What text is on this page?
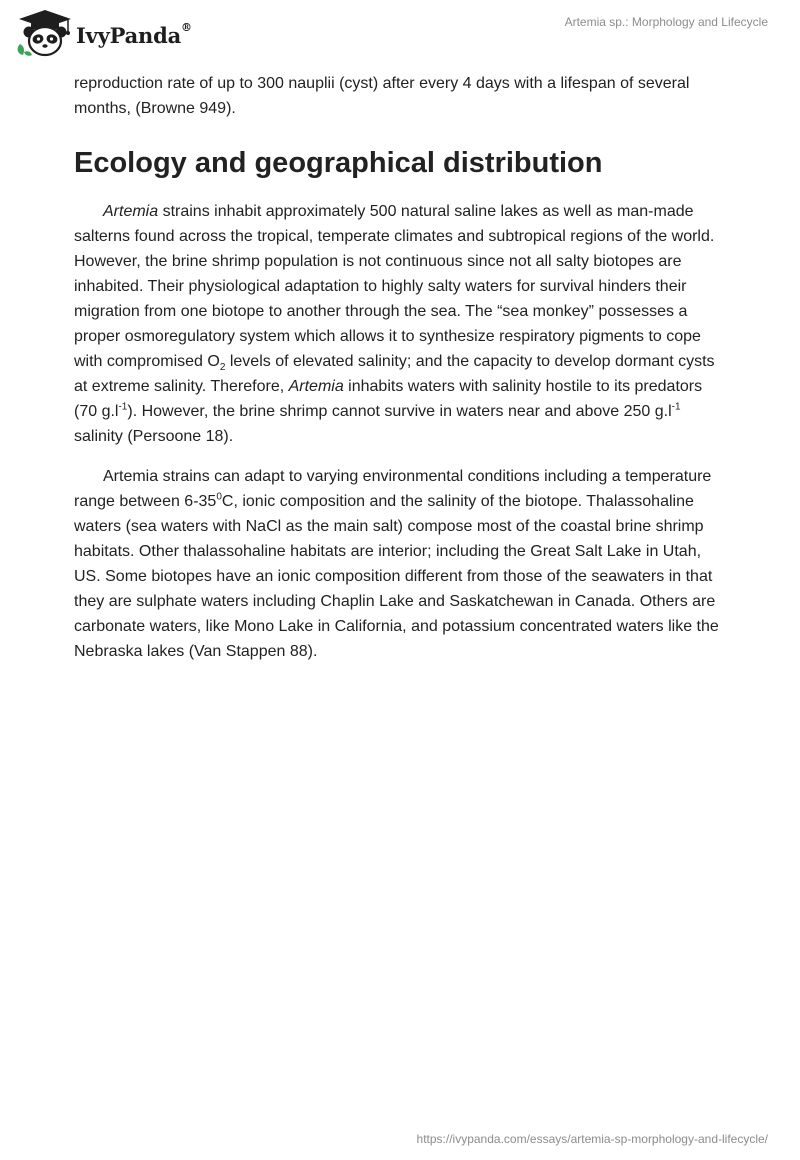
IvyPanda®	Artemia sp.: Morphology and Lifecycle

reproduction rate of up to 300 nauplii (cyst) after every 4 days with a lifespan of several months, (Browne 949).

Ecology and geographical distribution

Artemia strains inhabit approximately 500 natural saline lakes as well as man-made salterns found across the tropical, temperate climates and subtropical regions of the world. However, the brine shrimp population is not continuous since not all salty biotopes are inhabited. Their physiological adaptation to highly salty waters for survival hinders their migration from one biotope to another through the sea. The “sea monkey” possesses a proper osmoregulatory system which allows it to synthesize respiratory pigments to cope with compromised $O_2$ levels of elevated salinity; and the capacity to develop dormant cysts at extreme salinity. Therefore, Artemia inhabits waters with salinity hostile to its predators (70 $g.l^{-1}$). However, the brine shrimp cannot survive in waters near and above 250 $g.l^{-1}$ salinity (Persoone 18).

Artemia strains can adapt to varying environmental conditions including a temperature range between $6-35^0C$, ionic composition and the salinity of the biotope. Thalassohaline waters (sea waters with NaCl as the main salt) compose most of the coastal brine shrimp habitats. Other thalassohaline habitats are interior; including the Great Salt Lake in Utah, US. Some biotopes have an ionic composition different from those of the seawaters in that they are sulphate waters including Chaplin Lake and Saskatchewan in Canada. Others are carbonate waters, like Mono Lake in California, and potassium concentrated waters like the Nebraska lakes (Van Stappen 88).

https://ivypanda.com/essays/artemia-sp-morphology-and-lifecycle/
